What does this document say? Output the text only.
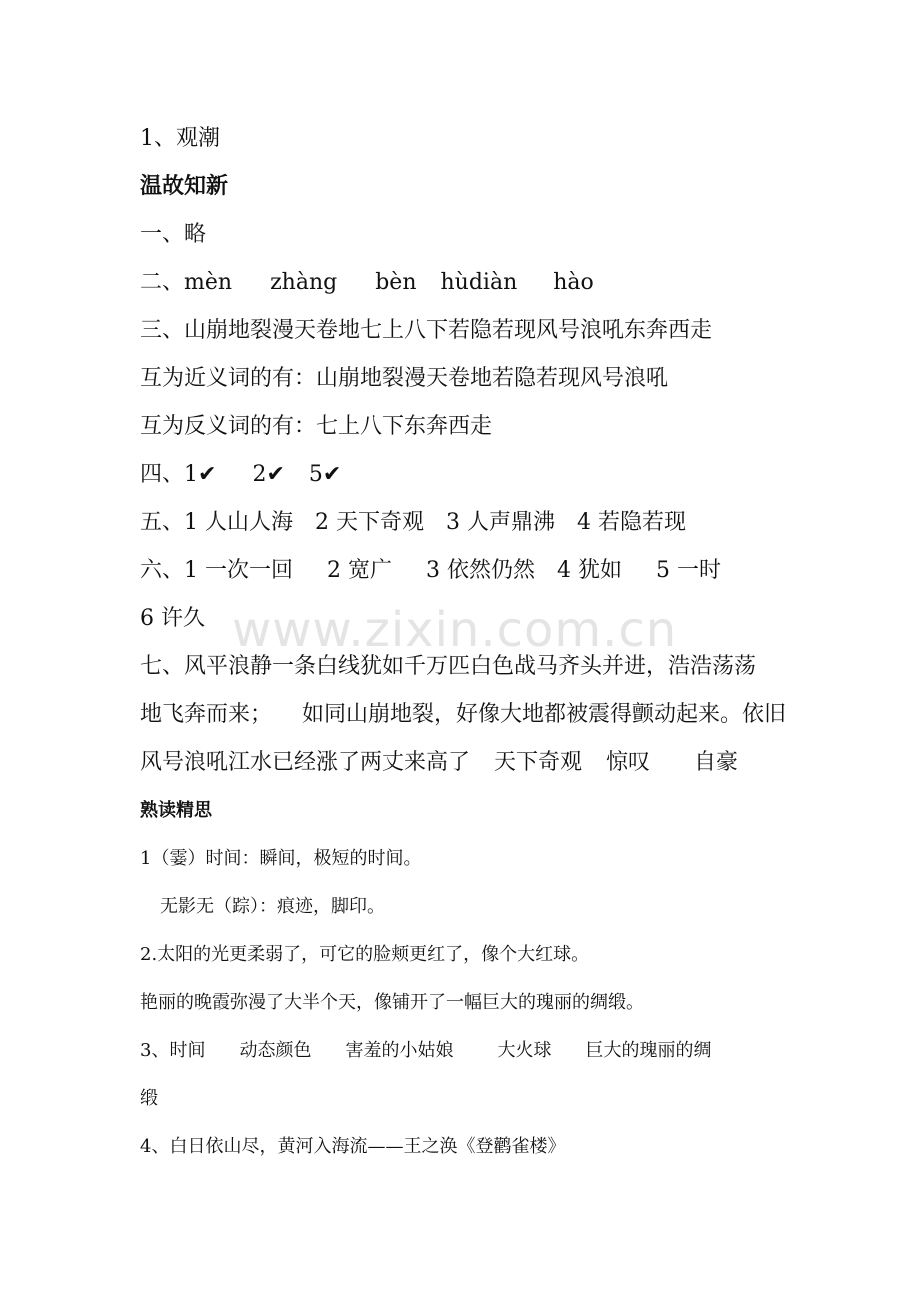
www.zixin.com.cn
1、观潮
温故知新
一、略
二、mèn zhàng bèn hùdiàn hào
三、山崩地裂漫天卷地七上八下若隐若现风号浪吼东奔西走
互为近义词的有：山崩地裂漫天卷地若隐若现风号浪吼
互为反义词的有：七上八下东奔西走
四、1✔ 2✔ 5✔
五、1 人山人海 2 天下奇观 3 人声鼎沸 4 若隐若现
六、1 一次一回 2 宽广 3 依然仍然 4 犹如 5 一时
6 许久
七、风平浪静一条白线犹如千万匹白色战马齐头并进，浩浩荡荡
地飞奔而来； 如同山崩地裂，好像大地都被震得颤动起来。依旧
风号浪吼江水已经涨了两丈来高了 天下奇观 惊叹 自豪
熟读精思
1（霎）时间：瞬间，极短的时间。
无影无（踪）：痕迹，脚印。
2.太阳的光更柔弱了，可它的脸颊更红了，像个大红球。
艳丽的晚霞弥漫了大半个天，像铺开了一幅巨大的瑰丽的绸缎。
3、时间 动态颜色 害羞的小姑娘 大火球 巨大的瑰丽的绸
缎
4、白日依山尽，黄河入海流——王之涣《登鹳雀楼》
